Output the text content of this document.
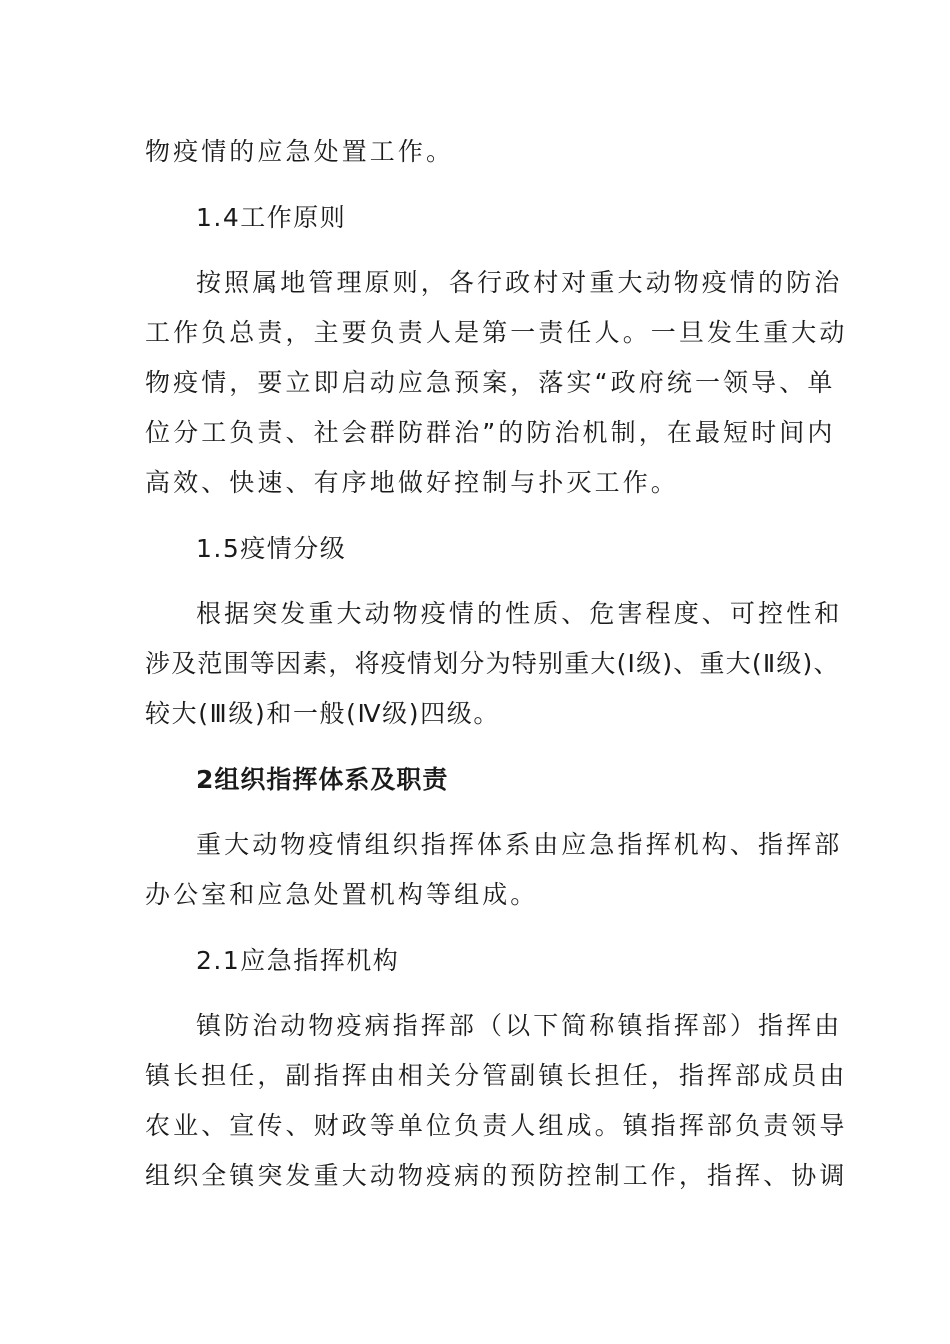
物疫情的应急处置工作。
1.4工作原则
按照属地管理原则，各行政村对重大动物疫情的防治
工作负总责，主要负责人是第一责任人。一旦发生重大动
物疫情，要立即启动应急预案，落实“政府统一领导、单
位分工负责、社会群防群治”的防治机制，在最短时间内
高效、快速、有序地做好控制与扑灭工作。
1.5疫情分级
根据突发重大动物疫情的性质、危害程度、可控性和
涉及范围等因素，将疫情划分为特别重大(I级)、重大(Ⅱ级)、
较大(Ⅲ级)和一般(Ⅳ级)四级。
2组织指挥体系及职责
重大动物疫情组织指挥体系由应急指挥机构、指挥部
办公室和应急处置机构等组成。
2.1应急指挥机构
镇防治动物疫病指挥部（以下简称镇指挥部）指挥由
镇长担任，副指挥由相关分管副镇长担任，指挥部成员由
农业、宣传、财政等单位负责人组成。镇指挥部负责领导
组织全镇突发重大动物疫病的预防控制工作，指挥、协调
